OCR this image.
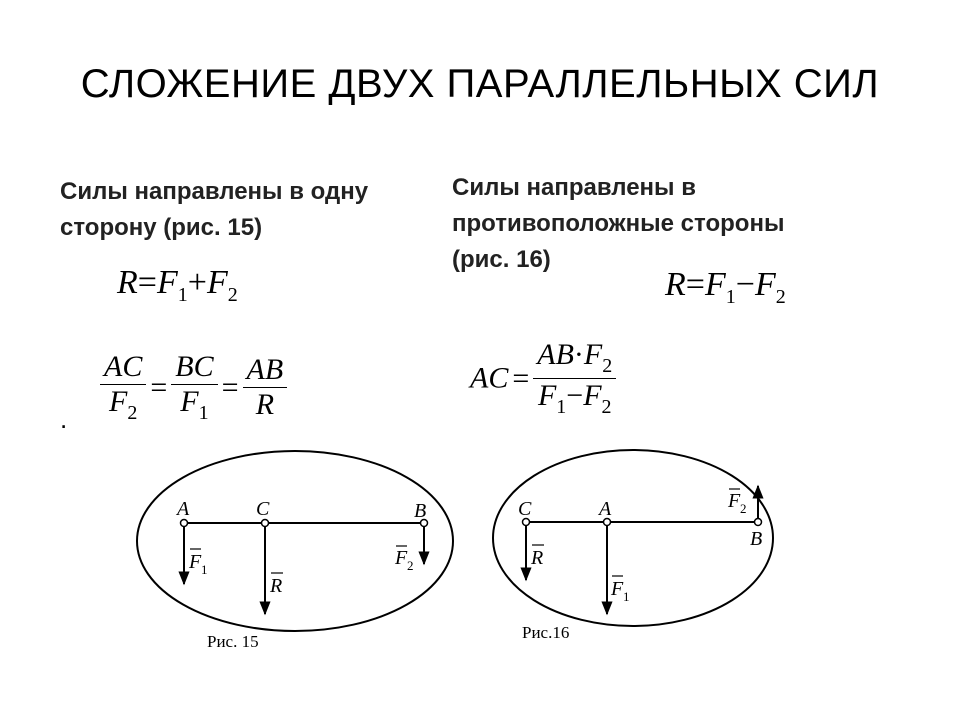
СЛОЖЕНИЕ ДВУХ ПАРАЛЛЕЛЬНЫХ СИЛ
Силы направлены в одну
сторону (рис. 15)
Силы направлены в
противоположные стороны
(рис. 16)
$R=F_1+F_2$	$R=F_1-F_2$
$\frac{AC}{F_2} = \frac{BC}{F_1} = \frac{AB}{R}$	AC = $\frac{AB\cdot F_2}{F_1-F_2}$
.
A	C	B
F 1
R
F 2
Рис. 15
C	A
B
R
F 1
F 2
Рис.16
